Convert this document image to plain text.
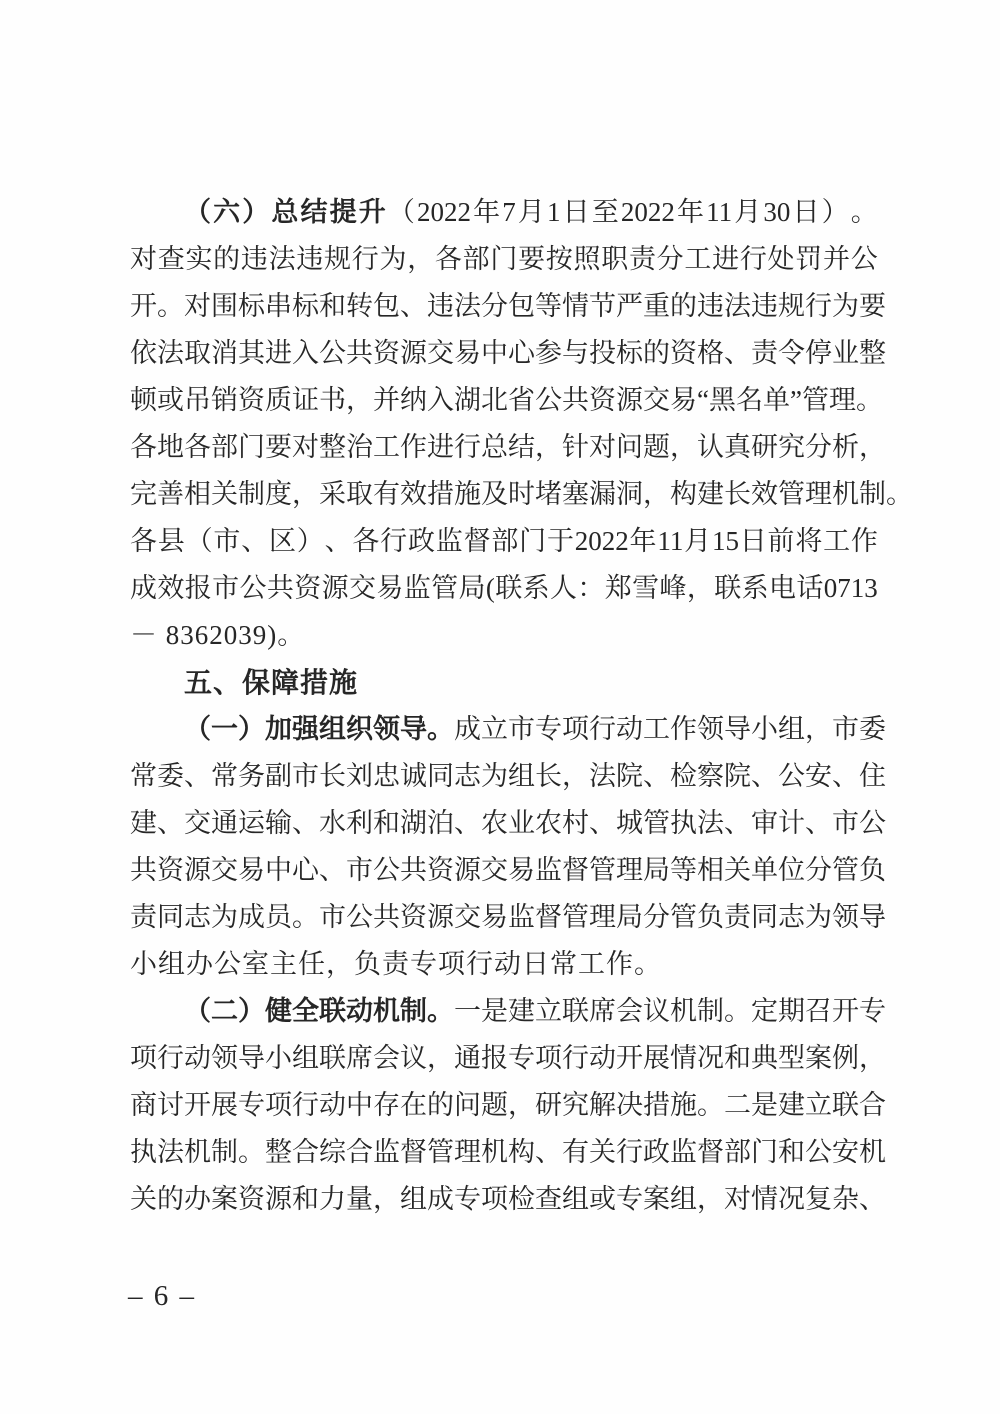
（ 六 ） 总 结 提 升 （ 2022 年 7 月 1 日 至 2022 年 11 月 30 日 ） 。
对 查 实 的 违 法 违 规 行 为 ， 各 部 门 要 按 照 职 责 分 工 进 行 处 罚 并 公
开 。 对 围 标 串 标 和 转 包 、 违 法 分 包 等 情 节 严 重 的 违 法 违 规 行 为 要
依 法 取 消 其 进 入 公 共 资 源 交 易 中 心 参 与 投 标 的 资 格 、 责 令 停 业 整
顿 或 吊 销 资 质 证 书 ， 并 纳 入 湖 北 省 公 共 资 源 交 易 “ 黑 名 单 ” 管 理 。
各 地 各 部 门 要 对 整 治 工 作 进 行 总 结 ， 针 对 问 题 ， 认 真 研 究 分 析 ，
完 善 相 关 制 度 ， 采 取 有 效 措 施 及 时 堵 塞 漏 洞 ， 构 建 长 效 管 理 机 制 。
各 县 （ 市 、 区 ） 、 各 行 政 监 督 部 门 于 2022 年 11 月 15 日 前 将 工 作
成 效 报 市 公 共 资 源 交 易 监 管 局 ( 联 系 人 ： 郑 雪 峰 ， 联 系 电 话 0713
－ 8362039)。
五、保障措施
（ 一 ） 加 强 组 织 领 导 。 成 立 市 专 项 行 动 工 作 领 导 小 组 ， 市 委
常 委 、 常 务 副 市 长 刘 忠 诚 同 志 为 组 长 ， 法 院 、 检 察 院 、 公 安 、 住
建 、 交 通 运 输 、 水 利 和 湖 泊 、 农 业 农 村 、 城 管 执 法 、 审 计 、 市 公
共 资 源 交 易 中 心 、 市 公 共 资 源 交 易 监 督 管 理 局 等 相 关 单 位 分 管 负
责 同 志 为 成 员 。 市 公 共 资 源 交 易 监 督 管 理 局 分 管 负 责 同 志 为 领 导
小组办公室主任，负责专项行动日常工作。
（ 二 ） 健 全 联 动 机 制 。 一 是 建 立 联 席 会 议 机 制 。 定 期 召 开 专
项 行 动 领 导 小 组 联 席 会 议 ， 通 报 专 项 行 动 开 展 情 况 和 典 型 案 例 ，
商 讨 开 展 专 项 行 动 中 存 在 的 问 题 ， 研 究 解 决 措 施 。 二 是 建 立 联 合
执 法 机 制 。 整 合 综 合 监 督 管 理 机 构 、 有 关 行 政 监 督 部 门 和 公 安 机
关 的 办 案 资 源 和 力 量 ， 组 成 专 项 检 查 组 或 专 案 组 ， 对 情 况 复 杂 、
– 6 –
